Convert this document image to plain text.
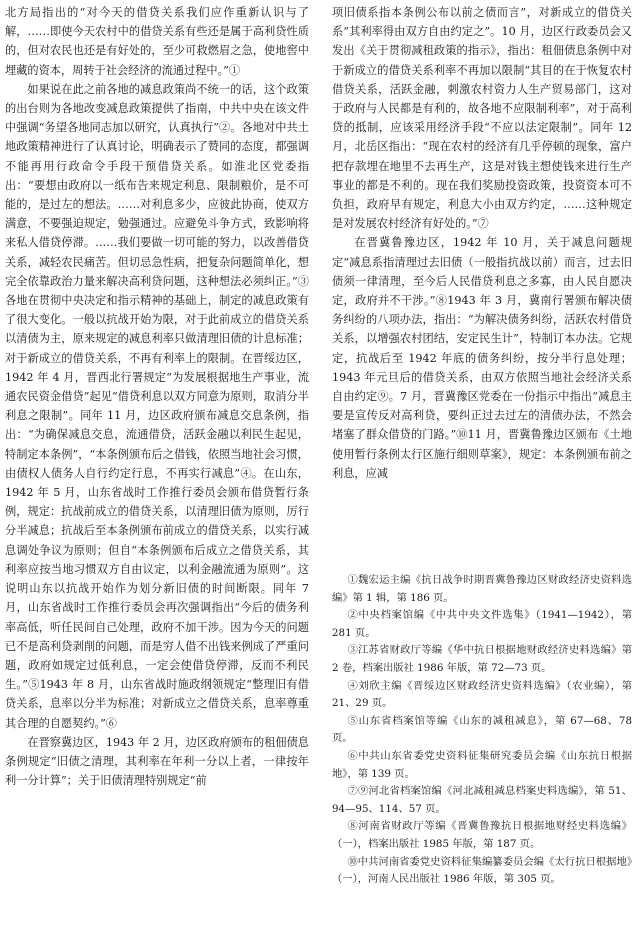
北方局指出的“对今天的借贷关系我们应作重新认识与了解，……即使今天农村中的借贷关系有些还是属于高利贷性质的，但对农民也还是有好处的，至少可救燃眉之急，使地窖中埋藏的资本，周转于社会经济的流通过程中。”①

如果说在此之前各地的减息政策尚不统一的话，这个政策的出台则为各地改变减息政策提供了指南，中共中央在该文件中强调“务望各地同志加以研究，认真执行”②。各地对中共土地政策精神进行了认真讨论，明确表示了赞同的态度，都强调不能再用行政命令手段干预借贷关系。如淮北区党委指出：“要想由政府以一纸布告来规定利息、限制粮价，是不可能的，是过左的想法。……对利息多少，应彼此协商，使双方满意，不要强迫规定，勉强通过。应避免斗争方式，致影响将来私人借贷停滞。……我们要做一切可能的努力，以改善借贷关系，减轻农民痛苦。但切忌急性病，把复杂问题简单化，想完全依靠政治力量来解决高利贷问题，这种想法必须纠正。”③各地在贯彻中央决定和指示精神的基础上，制定的减息政策有了很大变化。一般以抗战开始为限，对于此前成立的借贷关系以清债为主，原来规定的减息利率只做清理旧债的计息标准；对于新成立的借贷关系，不再有利率上的限制。在晋绥边区，1942 年 4 月，晋西北行署规定“为发展根据地生产事业，流通农民资金借贷”起见“借贷利息以双方同意为原则，取消分半利息之限制”。同年 11 月，边区政府颁布减息交息条例，指出：“为确保减息交息，流通借贷，活跃金融以利民生起见，特制定本条例”，“本条例颁布后之借钱，依照当地社会习惯，由债权人债务人自行约定行息，不再实行减息”④。在山东，1942 年 5 月，山东省战时工作推行委员会颁布借贷暂行条例，规定：抗战前成立的借贷关系，以清理旧债为原则，厉行分半减息；抗战后至本条例颁布前成立的借贷关系，以实行减息调处争议为原则；但自“本条例颁布后成立之借贷关系，其利率应按当地习惯双方自由议定，以利金融流通为原则”。这说明山东以抗战开始作为划分新旧债的时间断限。同年 7 月，山东省战时工作推行委员会再次强调指出“今后的债务利率高低，听任民间自己处理，政府不加干涉。因为今天的问题已不是高利贷剥削的问题，而是穷人借不出钱来例成了严重问题，政府如规定过低利息，一定会使借贷停滞，反而不利民生。”⑤1943 年 8 月，山东省战时施政纲领规定“整理旧有借贷关系，息率以分半为标准；对新成立之借贷关系，息率尊重其合理的自愿契约。”⑥

在晋察冀边区，1943 年 2 月，边区政府颁布的租佃债息条例规定“旧债之清理，其利率在年利一分以上者，一律按年利一分计算”；关于旧债清理特别规定“前

项旧债系指本条例公布以前之债而言”，对新成立的借贷关系“其利率得由双方自由约定之”。10 月，边区行政委员会又发出《关于贯彻减租政策的指示》，指出：租佃债息条例中对于新成立的借贷关系利率不再加以限制“其目的在于恢复农村借贷关系，活跃金融，刺激农村资力人生产贸易部门，这对于政府与人民都是有利的，故各地不应限制利率”，对于高利贷的抵制，应该采用经济手段“不应以法定限制”。同年 12 月，北岳区指出：“现在农村的经济有几乎停顿的现象，富户把存款埋在地里不去再生产，这是对钱主想使钱来进行生产事业的都是不利的。现在我们奖励投资政策，投资资本可不负担，政府早有规定，利息大小由双方约定，……这种规定是对发展农村经济有好处的。”⑦

在晋冀鲁豫边区，1942 年 10 月，关于减息问题规定“减息系指清理过去旧债（一般指抗战以前）而言，过去旧债须一律清理，至今后人民借贷利息之多寡，由人民自愿决定，政府并不干涉。”⑧1943 年 3 月，冀南行署颁布解决债务纠纷的八项办法，指出：“为解决债务纠纷，活跃农村借贷关系，以增强农村团结，安定民生计”，特制订本办法。它规定，抗战后至 1942 年底的债务纠纷，按分半行息处理；1943 年元旦后的借贷关系，由双方依照当地社会经济关系自由约定⑨。7 月，晋冀豫区党委在一份指示中指出“减息主要是宣传反对高利贷，要纠正过去过左的清债办法，不然会堵塞了群众借贷的门路。”⑩11 月，晋冀鲁豫边区颁布《土地使用暂行条例太行区施行细则草案》，规定：本条例颁布前之利息，应减

①魏宏运主编《抗日战争时期晋冀鲁豫边区财政经济史资料选编》第 1 辑，第 186 页。

②中央档案馆编《中共中央文件选集》（1941—1942），第 281 页。

③江苏省财政厅等编《华中抗日根据地财政经济史料选编》第 2 卷，档案出版社 1986 年版，第 72—73 页。

④刘欣主编《晋绥边区财政经济史资料选编》（农业编），第 21、29 页。

⑤山东省档案馆等编《山东的减租减息》，第 67—68、78 页。

⑥中共山东省委党史资料征集研究委员会编《山东抗日根据地》，第 139 页。

⑦⑨河北省档案馆编《河北减租减息档案史料选编》，第 51、94—95、114、57 页。

⑧河南省财政厅等编《晋冀鲁豫抗日根据地财经史料选编》（一），档案出版社 1985 年版，第 187 页。

⑩中共河南省委党史资料征集编纂委员会编《太行抗日根据地》（一），河南人民出版社 1986 年版，第 305 页。
